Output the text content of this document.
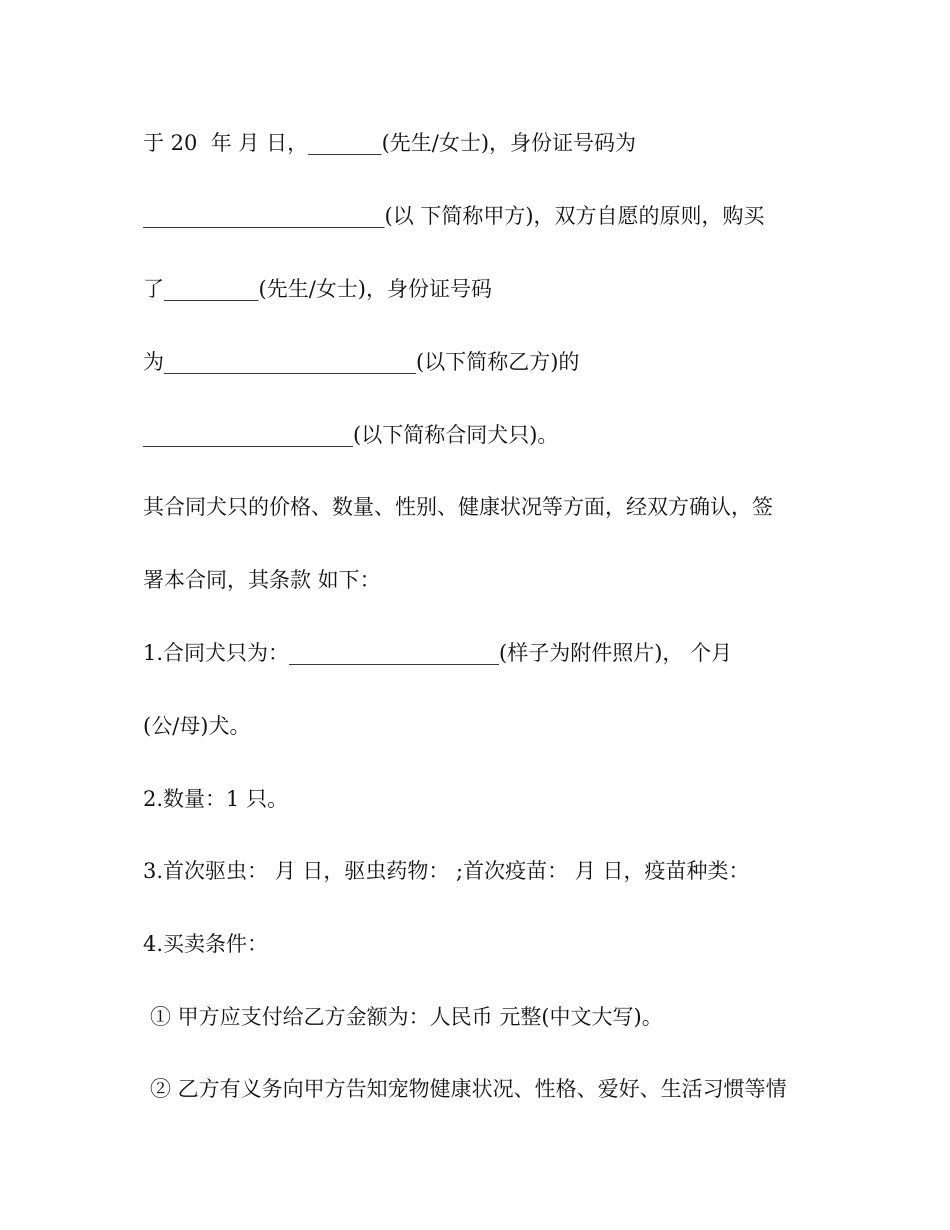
于 20  年 月 日，_______(先生/女士)，身份证号码为
_______________________(以 下简称甲方)，双方自愿的原则，购买
了_________(先生/女士)，身份证号码
为________________________(以下简称乙方)的
____________________(以下简称合同犬只)。
其合同犬只的价格、数量、性别、健康状况等方面，经双方确认，签
署本合同，其条款 如下：
1.合同犬只为：____________________(样子为附件照片)， 个月
(公/母)犬。
2.数量：1 只。
3.首次驱虫： 月 日，驱虫药物： ;首次疫苗： 月 日，疫苗种类：
4.买卖条件：
① 甲方应支付给乙方金额为：人民币 元整(中文大写)。
② 乙方有义务向甲方告知宠物健康状况、性格、爱好、生活习惯等情
